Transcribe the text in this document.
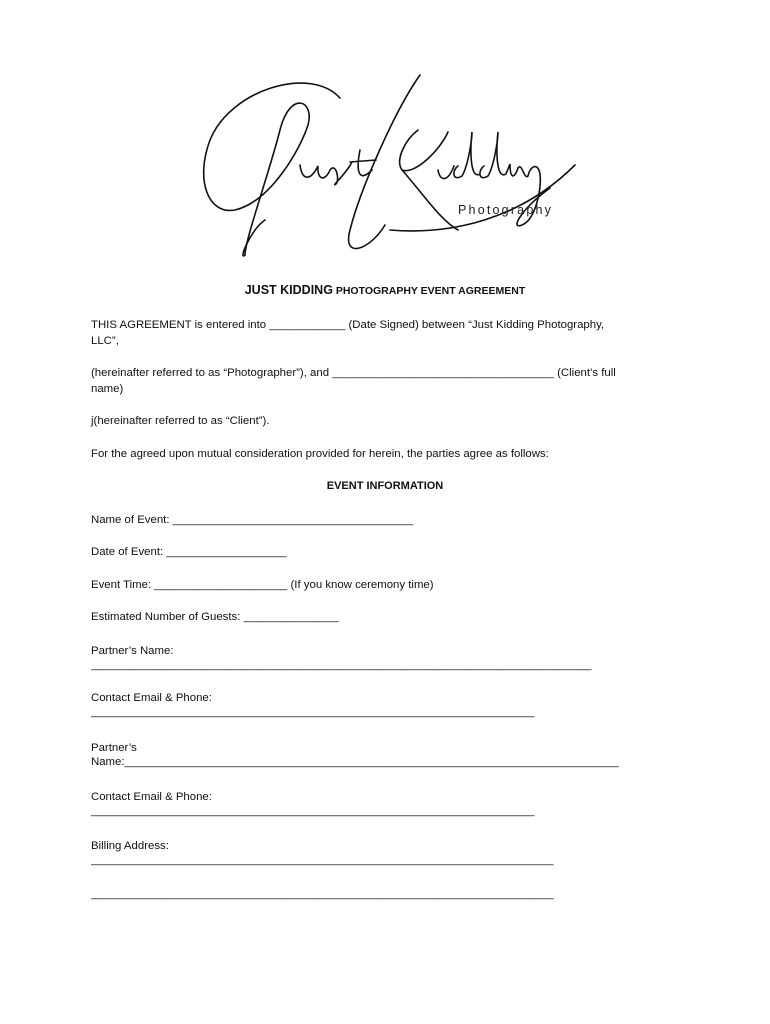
Photography
JUST KIDDING PHOTOGRAPHY EVENT AGREEMENT
THIS AGREEMENT is entered into ____________ (Date Signed) between “Just Kidding Photography,
LLC”,
(hereinafter referred to as “Photographer”), and ___________________________________ (Client’s full
name)
j(hereinafter referred to as “Client”).
For the agreed upon mutual consideration provided for herein, the parties agree as follows:
EVENT INFORMATION
Name of Event: ______________________________________
Date of Event: ___________________
Event Time: _____________________ (If you know ceremony time)
Estimated Number of Guests: _______________
Partner’s Name:
_______________________________________________________________________________
Contact Email & Phone:
______________________________________________________________________
Partner’s
Name:______________________________________________________________________________
Contact Email & Phone:
______________________________________________________________________
Billing Address:
_________________________________________________________________________
_________________________________________________________________________
